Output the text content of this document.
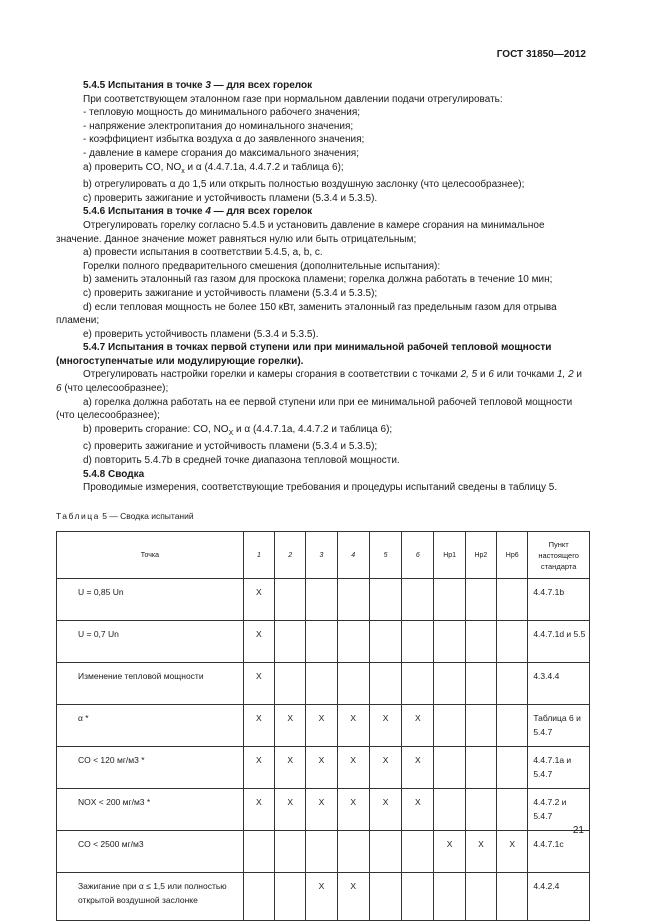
ГОСТ 31850—2012

5.4.5 Испытания в точке 3 — для всех горелок

При соответствующем эталонном газе при нормальном давлении подачи отрегулировать:

- тепловую мощность до минимального рабочего значения;

- напряжение электропитания до номинального значения;

- коэффициент избытка воздуха α до заявленного значения;

- давление в камере сгорания до максимального значения;

a) проверить CO, $NO_x$ и α (4.4.7.1a, 4.4.7.2 и таблица 6);

b) отрегулировать α до 1,5 или открыть полностью воздушную заслонку (что целесообразнее);

c) проверить зажигание и устойчивость пламени (5.3.4 и 5.3.5).

5.4.6 Испытания в точке 4 — для всех горелок

Отрегулировать горелку согласно 5.4.5 и установить давление в камере сгорания на минимальное значение. Данное значение может равняться нулю или быть отрицательным;

a) провести испытания в соответствии 5.4.5, a, b, c.

Горелки полного предварительного смешения (дополнительные испытания):

b) заменить эталонный газ газом для проскока пламени; горелка должна работать в течение 10 мин;

c) проверить зажигание и устойчивость пламени (5.3.4 и 5.3.5);

d) если тепловая мощность не более 150 кВт, заменить эталонный газ предельным газом для отрыва пламени;

e) проверить устойчивость пламени (5.3.4 и 5.3.5).

5.4.7 Испытания в точках первой ступени или при минимальной рабочей тепловой мощности (многоступенчатые или модулирующие горелки).

Отрегулировать настройки горелки и камеры сгорания в соответствии с точками 2, 5 и 6 или точками 1, 2 и 6 (что целесообразнее);

a) горелка должна работать на ее первой ступени или при ее минимальной рабочей тепловой мощности (что целесообразнее);

b) проверить сгорание: CO, $NO_X$ и α (4.4.7.1a, 4.4.7.2 и таблица 6);

c) проверить зажигание и устойчивость пламени (5.3.4 и 5.3.5);

d) повторить 5.4.7b в средней точке диапазона тепловой мощности.

5.4.8 Сводка

Проводимые измерения, соответствующие требования и процедуры испытаний сведены в таблицу 5.

Таблица 5 — Сводка испытаний
Точка	1	2	3	4	5	6	Hp1	Hp2	Hp6	Пункт настоящего стандарта
U = 0,85 Un	X									4.4.7.1b
U = 0,7 Un	X									4.4.7.1d и 5.5
Изменение тепловой мощности	X									4.3.4.4
α *	X	X	X	X	X	X				Таблица 6 и 5.4.7
CO < 120 мг/м3 *	X	X	X	X	X	X				4.4.7.1a и 5.4.7
NOX < 200 мг/м3 *	X	X	X	X	X	X				4.4.7.2 и 5.4.7
CO < 2500 мг/м3							X	X	X	4.4.7.1c
Зажигание при α ≤ 1,5 или полностью открытой воздушной заслонке			X	X						4.4.2.4
21
